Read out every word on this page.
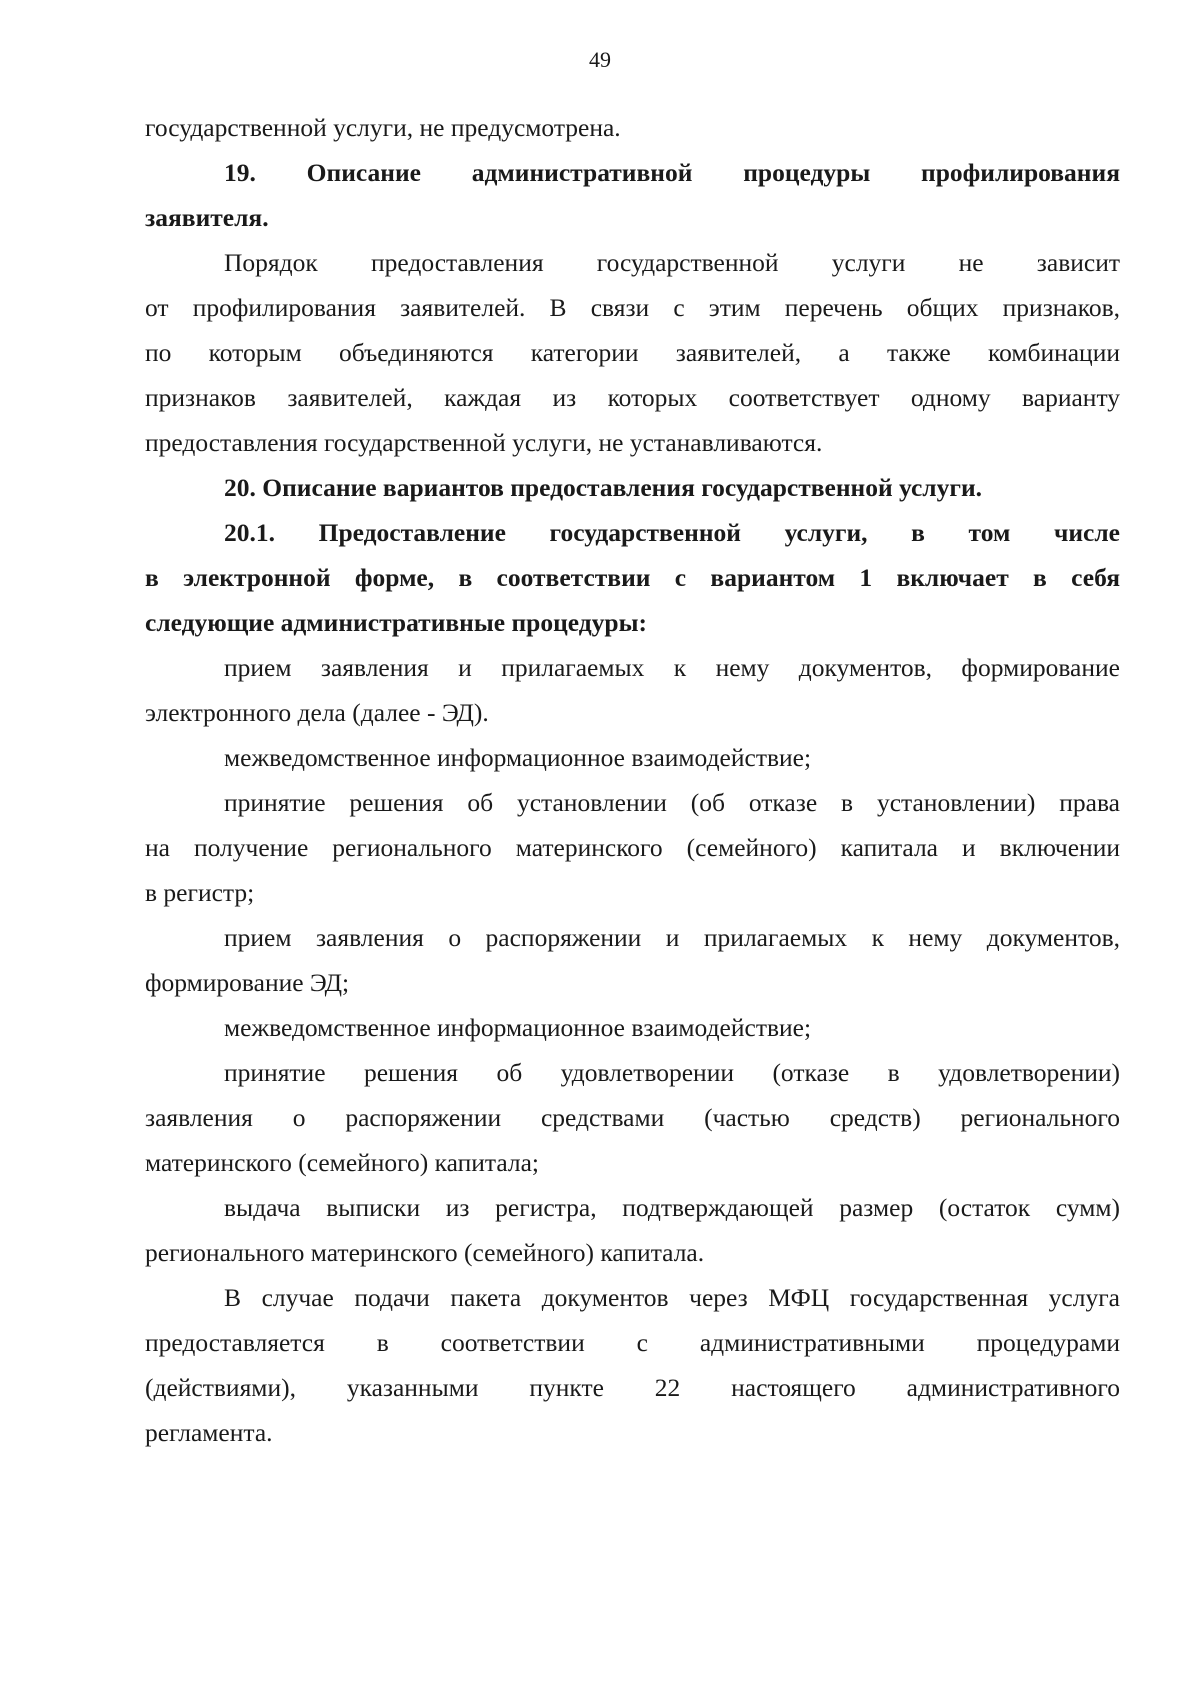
49
государственной услуги, не предусмотрена.
19. Описание административной процедуры профилирования
заявителя.
Порядок предоставления государственной услуги не зависит
от профилирования заявителей. В связи с этим перечень общих признаков,
по которым объединяются категории заявителей, а также комбинации
признаков заявителей, каждая из которых соответствует одному варианту
предоставления государственной услуги, не устанавливаются.
20. Описание вариантов предоставления государственной услуги.
20.1. Предоставление государственной услуги, в том числе
в электронной форме, в соответствии с вариантом 1 включает в себя
следующие административные процедуры:
прием заявления и прилагаемых к нему документов, формирование
электронного дела (далее - ЭД).
межведомственное информационное взаимодействие;
принятие решения об установлении (об отказе в установлении) права
на получение регионального материнского (семейного) капитала и включении
в регистр;
прием заявления о распоряжении и прилагаемых к нему документов,
формирование ЭД;
межведомственное информационное взаимодействие;
принятие решения об удовлетворении (отказе в удовлетворении)
заявления о распоряжении средствами (частью средств) регионального
материнского (семейного) капитала;
выдача выписки из регистра, подтверждающей размер (остаток сумм)
регионального материнского (семейного) капитала.
В случае подачи пакета документов через МФЦ государственная услуга
предоставляется в соответствии с административными процедурами
(действиями), указанными пункте 22 настоящего административного
регламента.
